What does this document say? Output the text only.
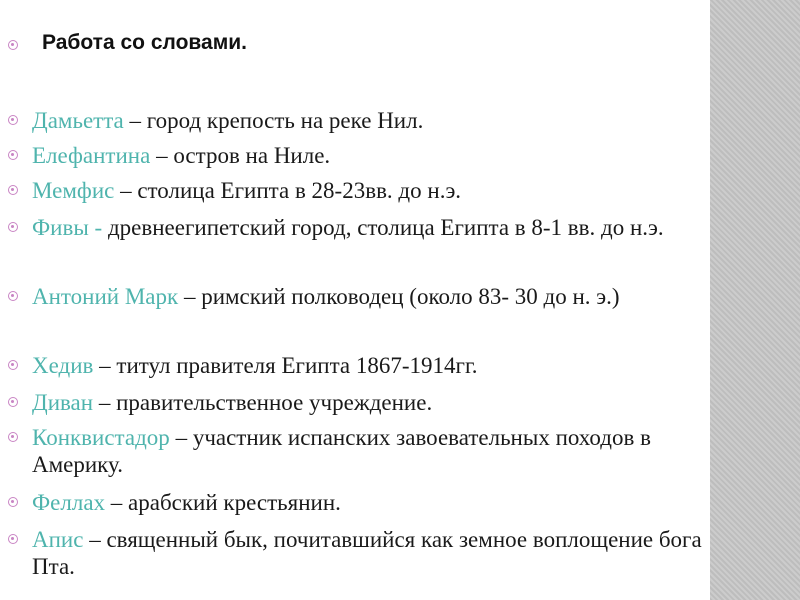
Работа со словами.
Дамьетта – город крепость на реке Нил.
Елефантина – остров на Ниле.
Мемфис – столица Египта в 28-23вв. до н.э.
Фивы - древнеегипетский город, столица Египта в 8-1 вв. до н.э.
Антоний Марк – римский полководец (около 83- 30 до н. э.)
Хедив – титул правителя Египта 1867-1914гг.
Диван – правительственное учреждение.
Конквистадор – участник испанских завоевательных походов в Америку.
Феллах – арабский крестьянин.
Апис – священный бык, почитавшийся как земное воплощение бога Пта.
